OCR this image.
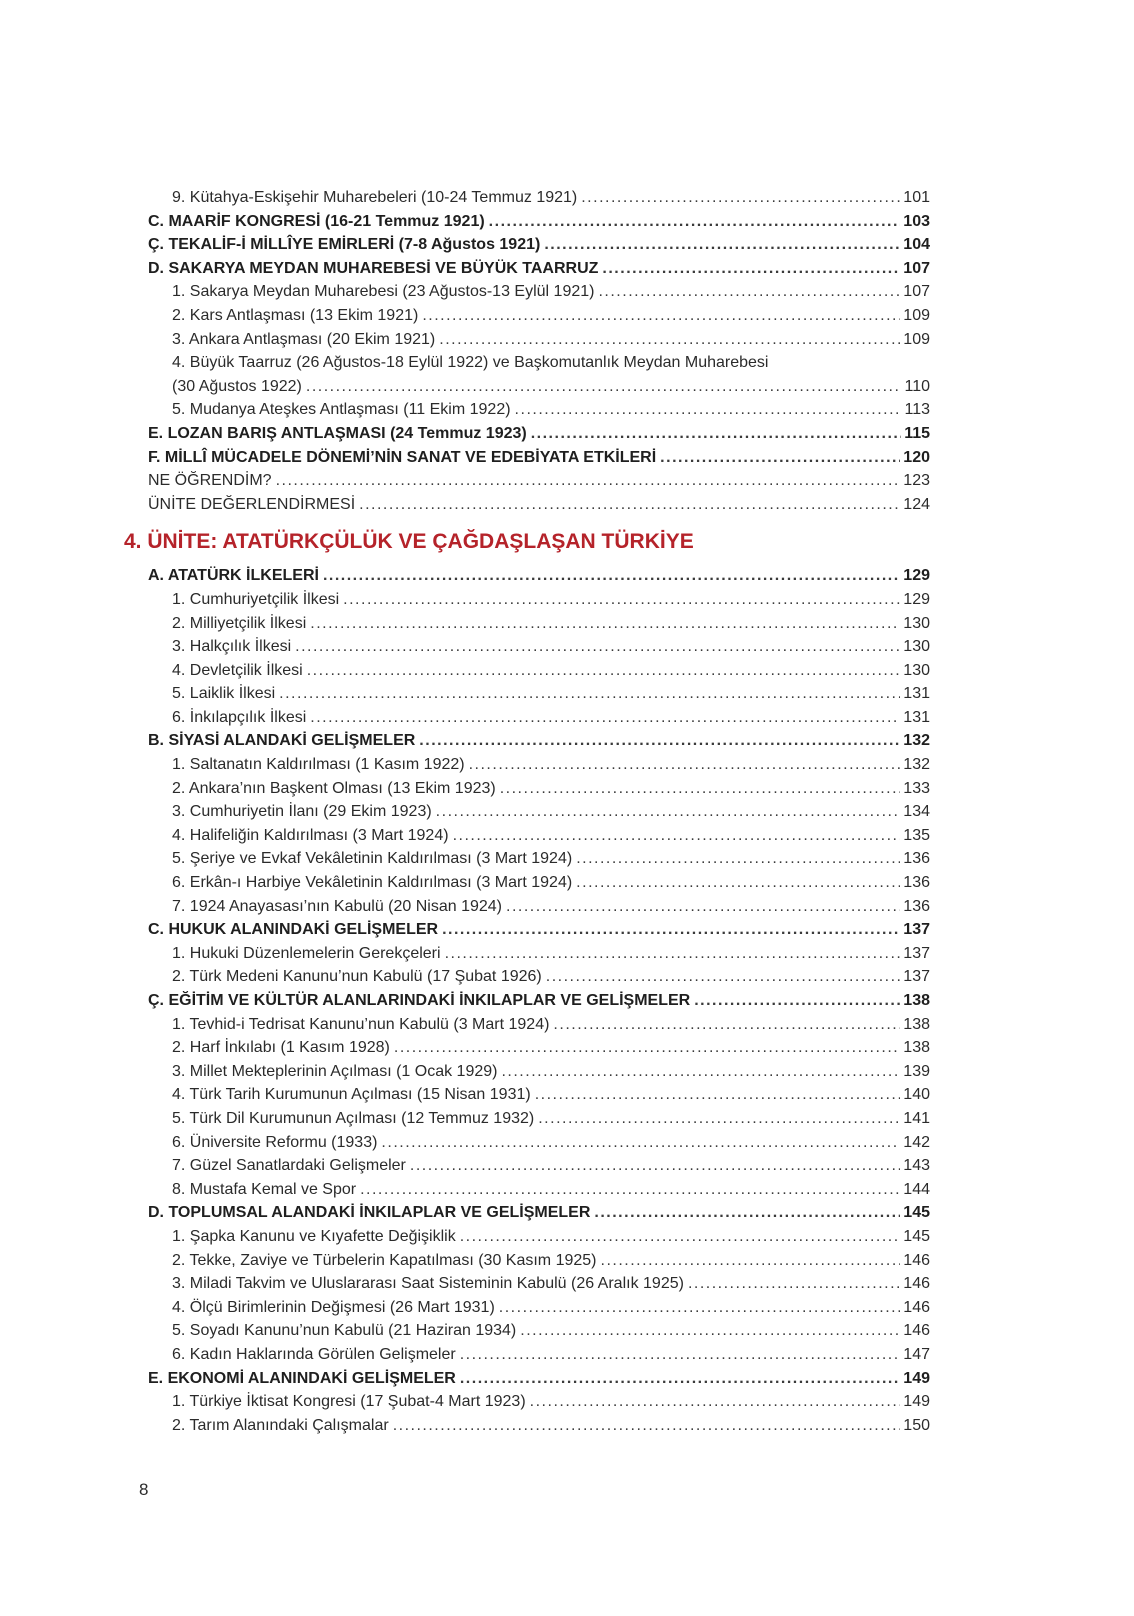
9. Kütahya-Eskişehir Muharebeleri (10-24 Temmuz 1921) .....	101
C. MAARİF KONGRESİ (16-21 Temmuz 1921) .....	103
Ç. TEKALİF-İ MİLLÎYE EMİRLERİ (7-8 Ağustos 1921) .....	104
D. SAKARYA MEYDAN MUHAREBESİ VE BÜYÜK TAARRUZ .....	107
1. Sakarya Meydan Muharebesi (23 Ağustos-13 Eylül 1921) .....	107
2. Kars Antlaşması (13 Ekim 1921) .....	109
3. Ankara Antlaşması (20 Ekim 1921) .....	109
4. Büyük Taarruz (26 Ağustos-18 Eylül 1922) ve Başkomutanlık Meydan Muharebesi
(30 Ağustos 1922) .....	110
5. Mudanya Ateşkes Antlaşması (11 Ekim 1922) .....	113
E. LOZAN BARIŞ ANTLAŞMASI (24 Temmuz 1923) .....	115
F. MİLLÎ MÜCADELE DÖNEMİ’NİN SANAT VE EDEBİYATA ETKİLERİ .....	120
NE ÖĞRENDİM? .....	123
ÜNİTE DEĞERLENDİRMESİ .....	124
4. ÜNİTE: ATATÜRKÇÜLÜK VE ÇAĞDAŞLAŞAN TÜRKİYE
A. ATATÜRK İLKELERİ .....	129
1. Cumhuriyetçilik İlkesi .....	129
2. Milliyetçilik İlkesi .....	130
3. Halkçılık İlkesi .....	130
4. Devletçilik İlkesi .....	130
5. Laiklik İlkesi .....	131
6. İnkılapçılık İlkesi .....	131
B. SİYASİ ALANDAKİ GELİŞMELER .....	132
1. Saltanatın Kaldırılması (1 Kasım 1922) .....	132
2. Ankara’nın Başkent Olması (13 Ekim 1923) .....	133
3. Cumhuriyetin İlanı (29 Ekim 1923) .....	134
4. Halifeliğin Kaldırılması (3 Mart 1924) .....	135
5. Şeriye ve Evkaf Vekâletinin Kaldırılması (3 Mart 1924) .....	136
6. Erkân-ı Harbiye Vekâletinin Kaldırılması (3 Mart 1924) .....	136
7. 1924 Anayasası’nın Kabulü (20 Nisan 1924) .....	136
C. HUKUK ALANINDAKİ GELİŞMELER .....	137
1. Hukuki Düzenlemelerin Gerekçeleri .....	137
2. Türk Medeni Kanunu’nun Kabulü (17 Şubat 1926) .....	137
Ç. EĞİTİM VE KÜLTÜR ALANLARINDAKİ İNKILAPLAR VE GELİŞMELER .....	138
1. Tevhid-i Tedrisat Kanunu’nun Kabulü (3 Mart 1924) .....	138
2. Harf İnkılabı (1 Kasım 1928) .....	138
3. Millet Mekteplerinin Açılması (1 Ocak 1929) .....	139
4. Türk Tarih Kurumunun Açılması (15 Nisan 1931) .....	140
5. Türk Dil Kurumunun Açılması (12 Temmuz 1932) .....	141
6. Üniversite Reformu (1933) .....	142
7. Güzel Sanatlardaki Gelişmeler .....	143
8. Mustafa Kemal ve Spor .....	144
D. TOPLUMSAL ALANDAKİ İNKILAPLAR VE GELİŞMELER .....	145
1. Şapka Kanunu ve Kıyafette Değişiklik .....	145
2. Tekke, Zaviye ve Türbelerin Kapatılması (30 Kasım 1925) .....	146
3. Miladi Takvim ve Uluslararası Saat Sisteminin Kabulü (26 Aralık 1925) .....	146
4. Ölçü Birimlerinin Değişmesi (26 Mart 1931) .....	146
5. Soyadı Kanunu’nun Kabulü (21 Haziran 1934) .....	146
6. Kadın Haklarında Görülen Gelişmeler .....	147
E. EKONOMİ ALANINDAKİ GELİŞMELER .....	149
1. Türkiye İktisat Kongresi (17 Şubat-4 Mart 1923) .....	149
2. Tarım Alanındaki Çalışmalar .....	150
8
